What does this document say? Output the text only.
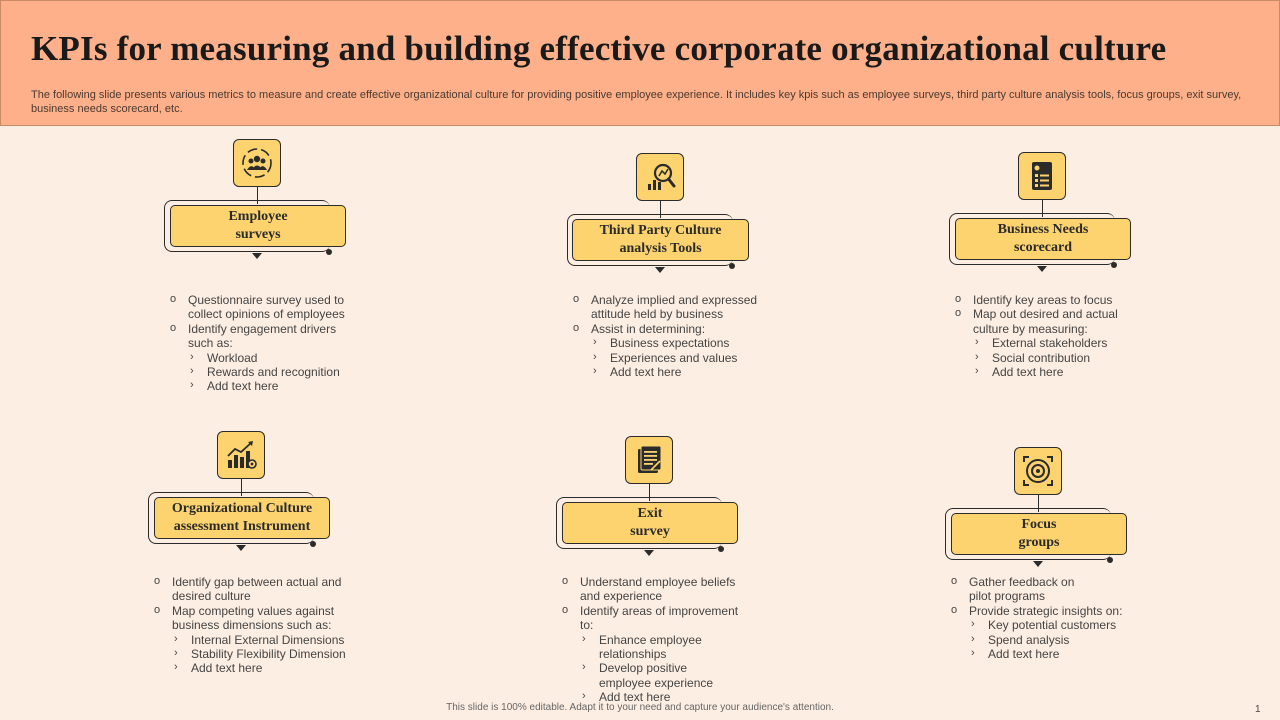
KPIs for measuring and building effective corporate organizational culture
The following slide presents various metrics to measure and create effective organizational culture for providing positive employee experience. It includes key kpis such as employee surveys, third party culture analysis tools, focus groups, exit survey, business needs scorecard, etc.
Employee
surveys
o Questionnaire survey used to collect opinions of employees
o Identify engagement drivers such as:
› Workload
› Rewards and recognition
› Add text here
Third Party Culture
analysis Tools
o Analyze implied and expressed attitude held by business
o Assist in determining:
› Business expectations
› Experiences and values
› Add text here
Business Needs
scorecard
o Identify key areas to focus
o Map out desired and actual culture by measuring:
› External stakeholders
› Social contribution
› Add text here
Organizational Culture
assessment Instrument
o Identify gap between actual and desired culture
o Map competing values against business dimensions such as:
› Internal External Dimensions
› Stability Flexibility Dimension
› Add text here
Exit
survey
o Understand employee beliefs and experience
o Identify areas of improvement to:
› Enhance employee relationships
› Develop positive employee experience
› Add text here
Focus
groups
o Gather feedback on pilot programs
o Provide strategic insights on:
› Key potential customers
› Spend analysis
› Add text here
This slide is 100% editable. Adapt it to your need and capture your audience's attention.	1
